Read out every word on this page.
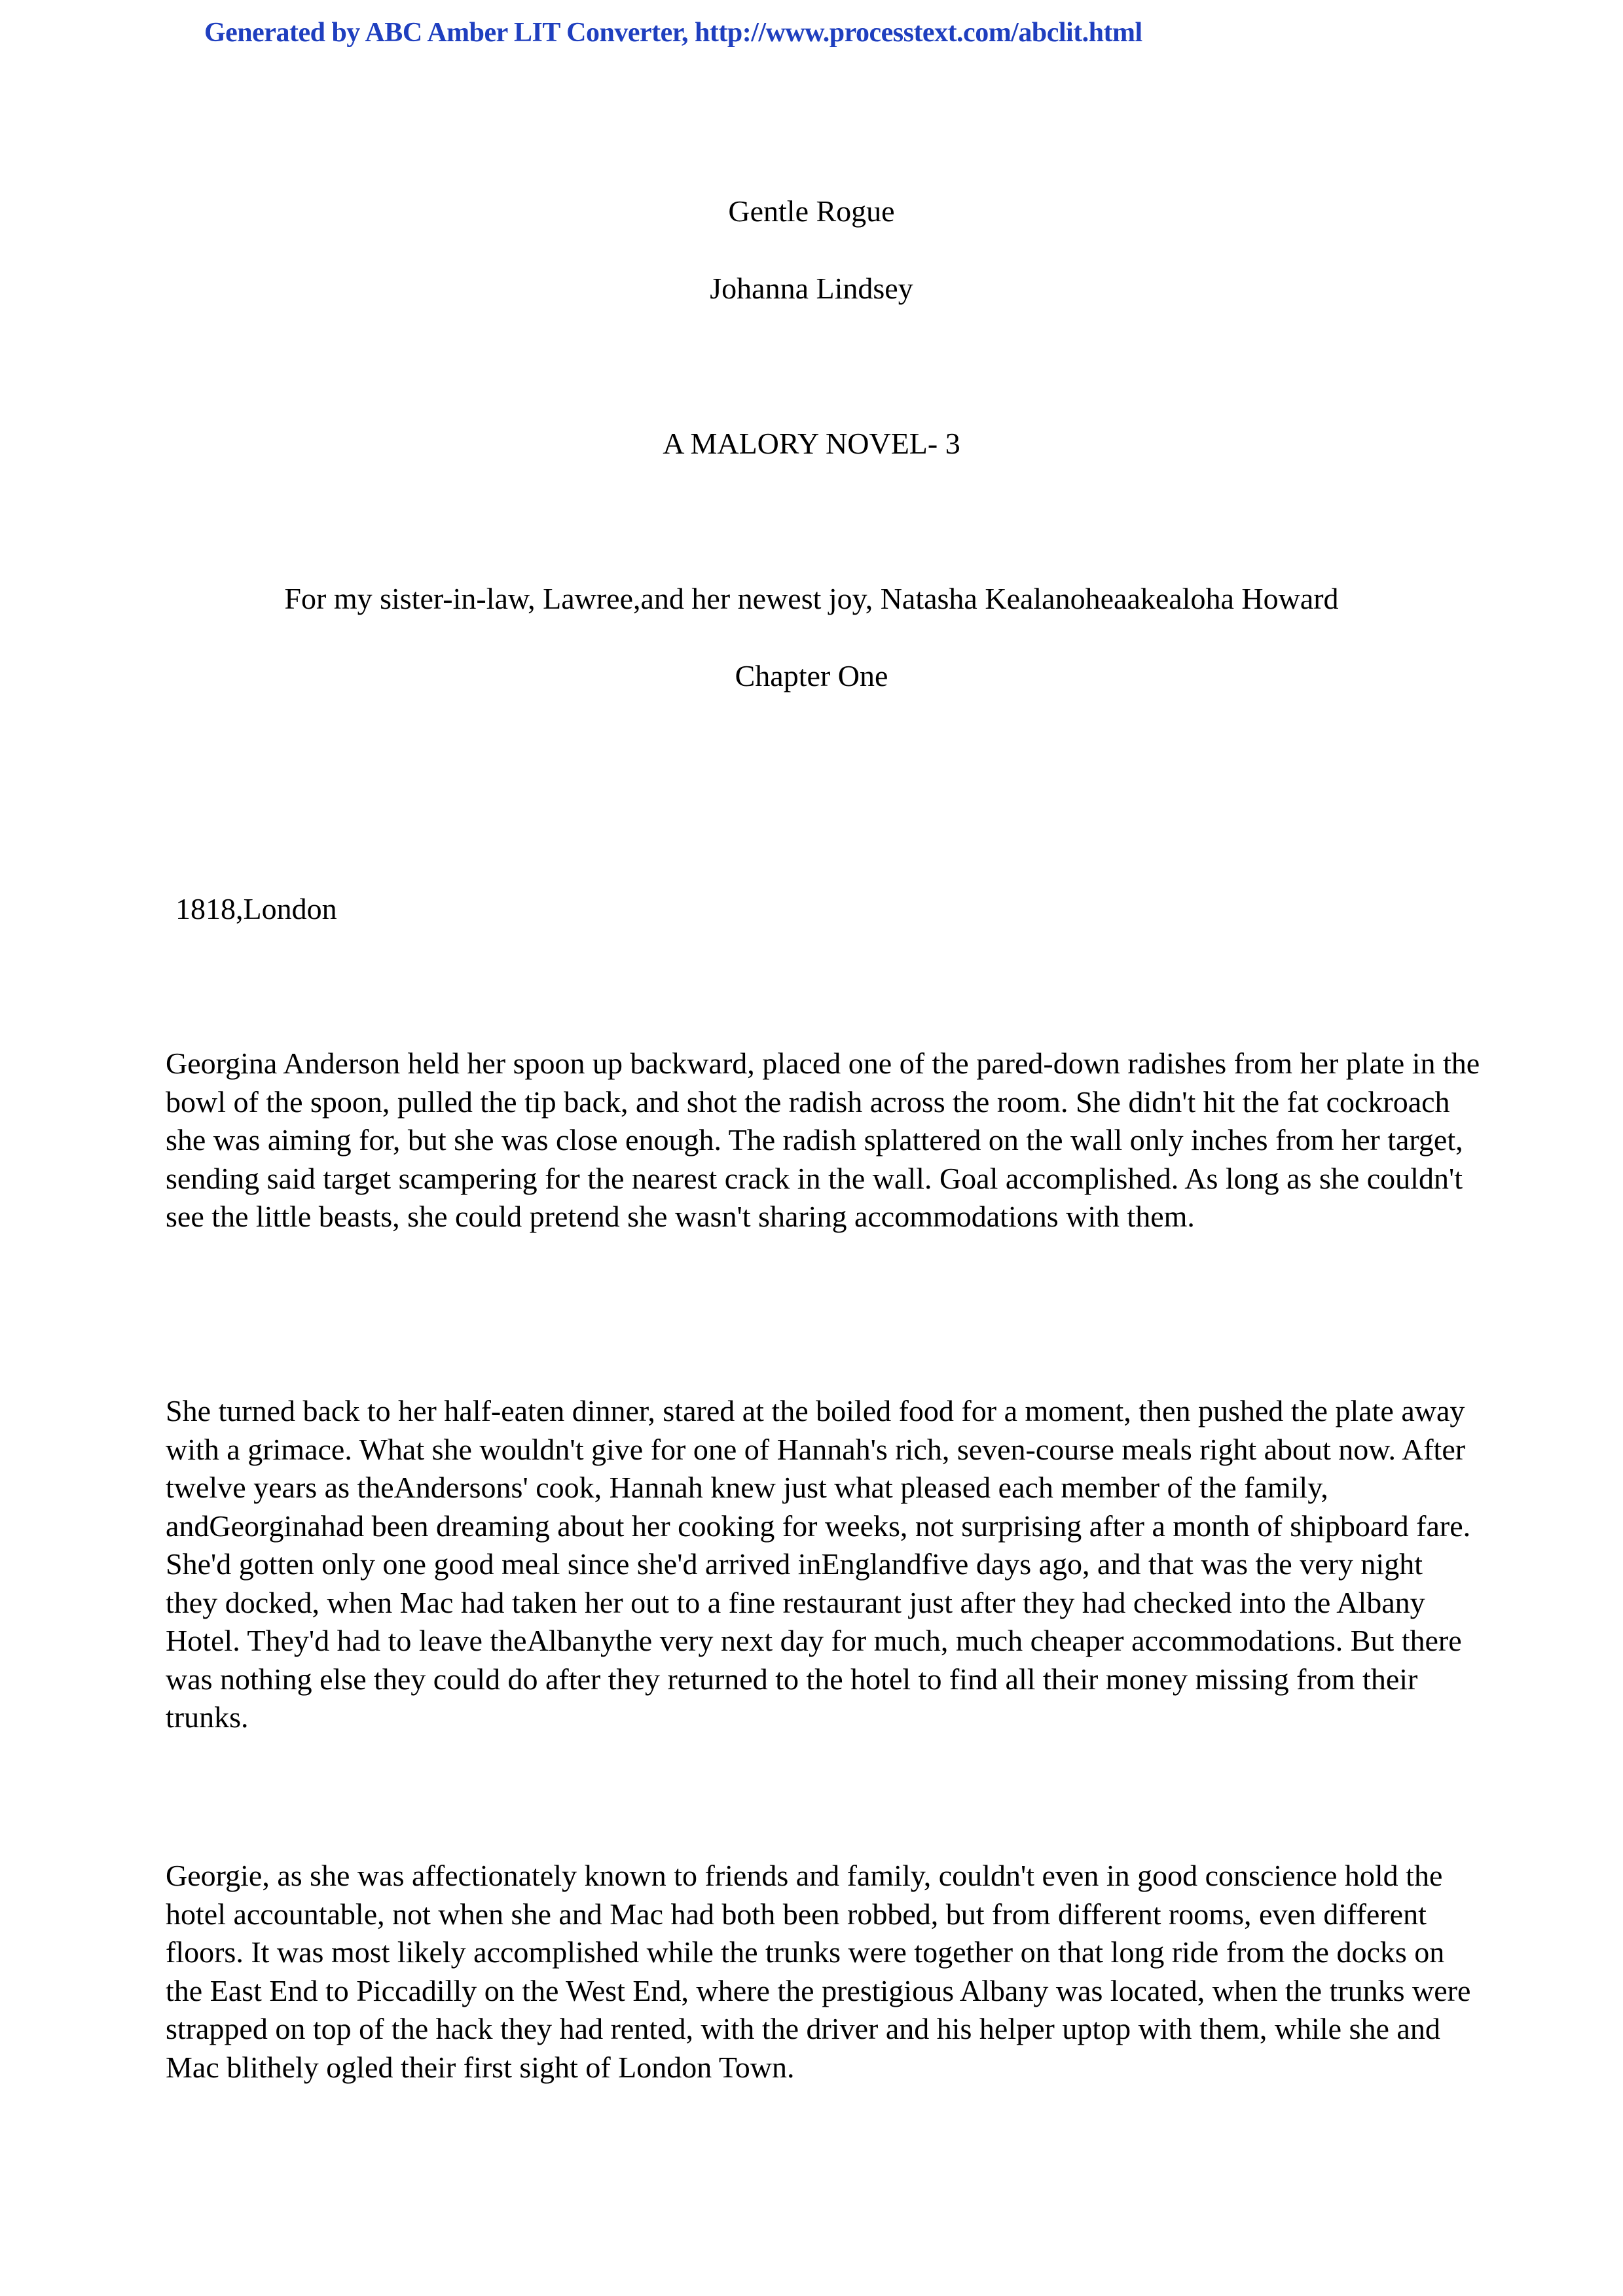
Generated by ABC Amber LIT Converter, http://www.processtext.com/abclit.html
Gentle Rogue
Johanna Lindsey
A MALORY NOVEL- 3
For my sister-in-law, Lawree,and her newest joy, Natasha Kealanoheaakealoha Howard
Chapter One
1818,London

Georgina Anderson held her spoon up backward, placed one of the pared-down radishes from her plate in the bowl of the spoon, pulled the tip back, and shot the radish across the room. She didn't hit the fat cockroach she was aiming for, but she was close enough. The radish splattered on the wall only inches from her target, sending said target scampering for the nearest crack in the wall. Goal accomplished. As long as she couldn't see the little beasts, she could pretend she wasn't sharing accommodations with them.

She turned back to her half-eaten dinner, stared at the boiled food for a moment, then pushed the plate away with a grimace. What she wouldn't give for one of Hannah's rich, seven-course meals right about now. After twelve years as theAndersons' cook, Hannah knew just what pleased each member of the family, andGeorginahad been dreaming about her cooking for weeks, not surprising after a month of shipboard fare. She'd gotten only one good meal since she'd arrived inEnglandfive days ago, and that was the very night they docked, when Mac had taken her out to a fine restaurant just after they had checked into the Albany Hotel. They'd had to leave theAlbanythe very next day for much, much cheaper accommodations. But there was nothing else they could do after they returned to the hotel to find all their money missing from their trunks.

Georgie, as she was affectionately known to friends and family, couldn't even in good conscience hold the hotel accountable, not when she and Mac had both been robbed, but from different rooms, even different floors. It was most likely accomplished while the trunks were together on that long ride from the docks on the East End to Piccadilly on the West End, where the prestigious Albany was located, when the trunks were strapped on top of the hack they had rented, with the driver and his helper uptop with them, while she and Mac blithely ogled their first sight of London Town.
